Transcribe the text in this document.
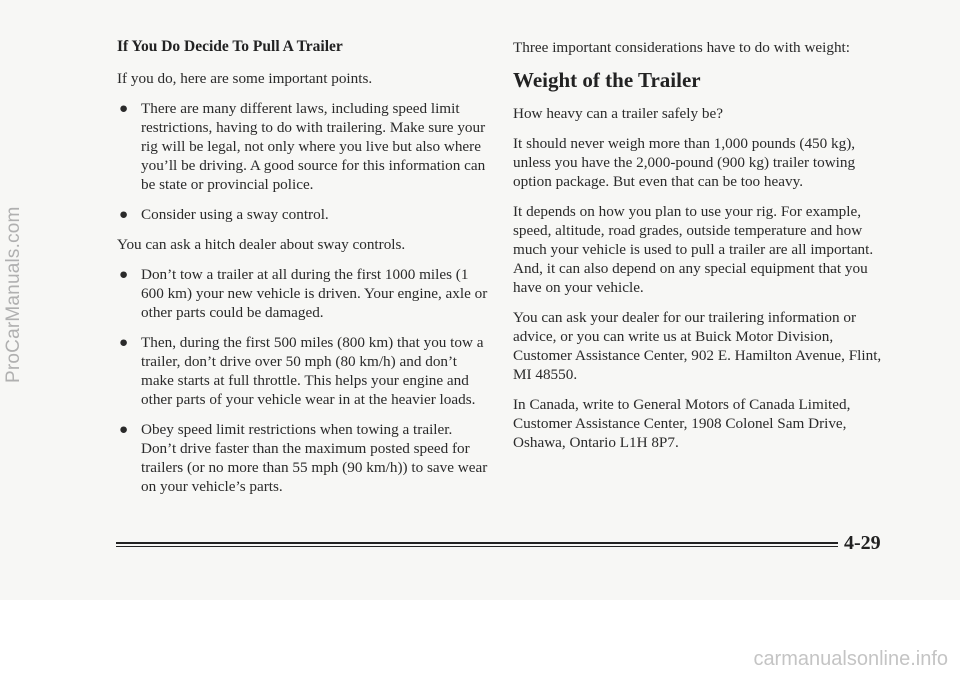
ProCarManuals.com
If You Do Decide To Pull A Trailer

If you do, here are some important points.

● There are many different laws, including speed limit restrictions, having to do with trailering. Make sure your rig will be legal, not only where you live but also where you’ll be driving. A good source for this information can be state or provincial police.

● Consider using a sway control.

You can ask a hitch dealer about sway controls.

● Don’t tow a trailer at all during the first 1000 miles (1 600 km) your new vehicle is driven. Your engine, axle or other parts could be damaged.

● Then, during the first 500 miles (800 km) that you tow a trailer, don’t drive over 50 mph (80 km/h) and don’t make starts at full throttle. This helps your engine and other parts of your vehicle wear in at the heavier loads.

● Obey speed limit restrictions when towing a trailer. Don’t drive faster than the maximum posted speed for trailers (or no more than 55 mph (90 km/h)) to save wear on your vehicle’s parts.

Three important considerations have to do with weight:

Weight of the Trailer

How heavy can a trailer safely be?

It should never weigh more than 1,000 pounds (450 kg), unless you have the 2,000-pound (900 kg) trailer towing option package. But even that can be too heavy.

It depends on how you plan to use your rig. For example, speed, altitude, road grades, outside temperature and how much your vehicle is used to pull a trailer are all important. And, it can also depend on any special equipment that you have on your vehicle.

You can ask your dealer for our trailering information or advice, or you can write us at Buick Motor Division, Customer Assistance Center, 902 E. Hamilton Avenue, Flint, MI 48550.

In Canada, write to General Motors of Canada Limited, Customer Assistance Center, 1908 Colonel Sam Drive, Oshawa, Ontario L1H 8P7.

4-29
carmanualsonline.info
